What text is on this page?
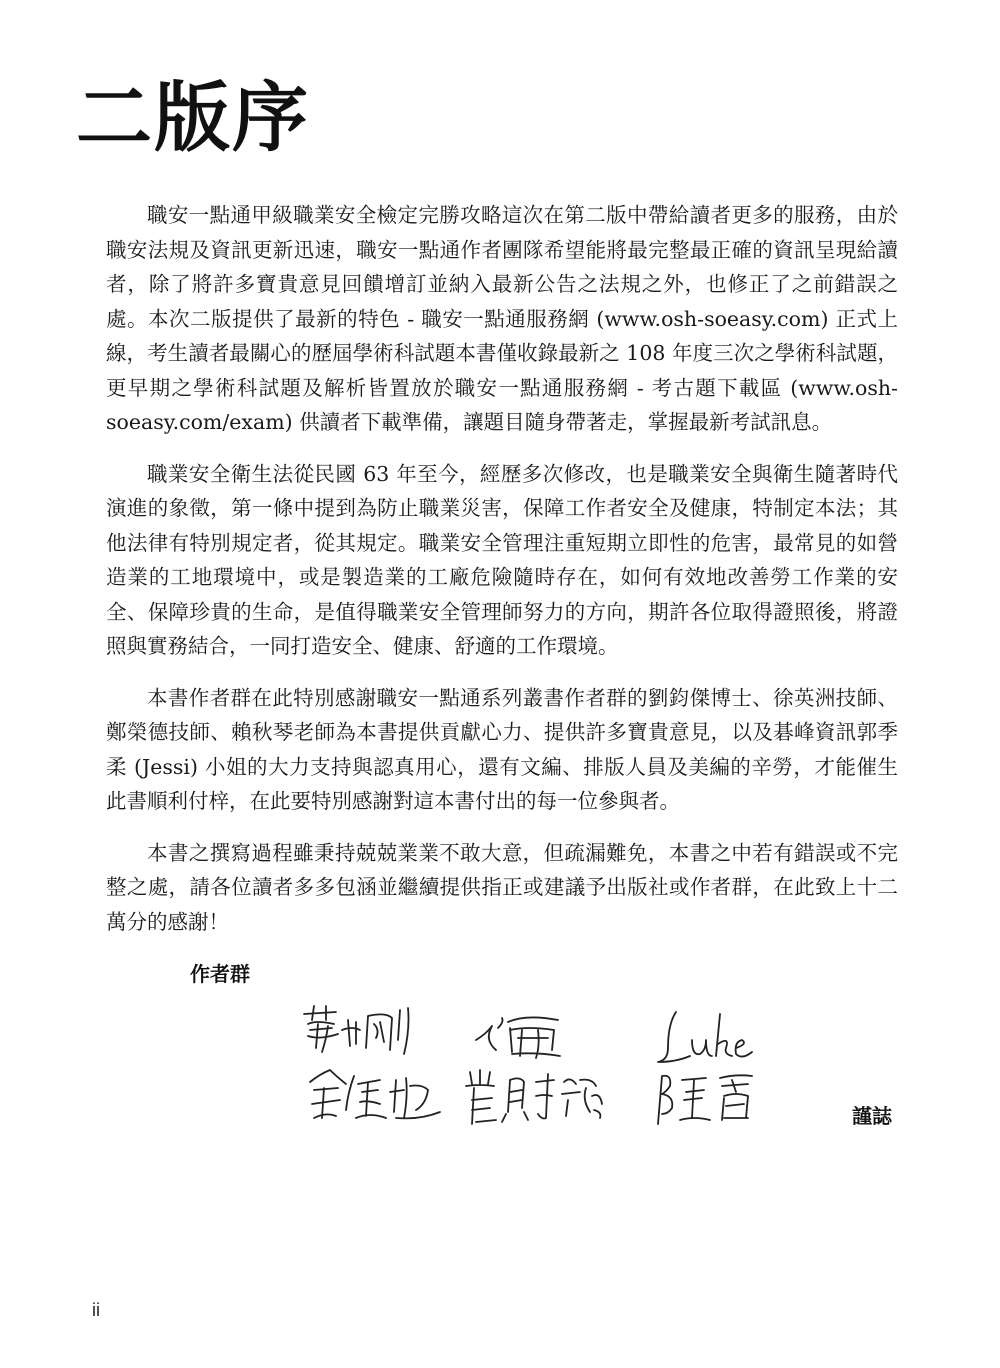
二版序

職安一點通甲級職業安全檢定完勝攻略這次在第二版中帶給讀者更多的服務，由於職安法規及資訊更新迅速，職安一點通作者團隊希望能將最完整最正確的資訊呈現給讀者，除了將許多寶貴意見回饋增訂並納入最新公告之法規之外，也修正了之前錯誤之處。本次二版提供了最新的特色 - 職安一點通服務網 (www.osh-soeasy.com) 正式上線，考生讀者最關心的歷屆學術科試題本書僅收錄最新之 108 年度三次之學術科試題，更早期之學術科試題及解析皆置放於職安一點通服務網 - 考古題下載區 (www.osh-soeasy.com/exam) 供讀者下載準備，讓題目隨身帶著走，掌握最新考試訊息。

職業安全衛生法從民國 63 年至今，經歷多次修改，也是職業安全與衛生隨著時代演進的象徵，第一條中提到為防止職業災害，保障工作者安全及健康，特制定本法；其他法律有特別規定者，從其規定。職業安全管理注重短期立即性的危害，最常見的如營造業的工地環境中，或是製造業的工廠危險隨時存在，如何有效地改善勞工作業的安全、保障珍貴的生命，是值得職業安全管理師努力的方向，期許各位取得證照後，將證照與實務結合，一同打造安全、健康、舒適的工作環境。

本書作者群在此特別感謝職安一點通系列叢書作者群的劉鈞傑博士、徐英洲技師、鄭榮德技師、賴秋琴老師為本書提供貢獻心力、提供許多寶貴意見，以及碁峰資訊郭季柔 (Jessi) 小姐的大力支持與認真用心，還有文編、排版人員及美編的辛勞，才能催生此書順利付梓，在此要特別感謝對這本書付出的每一位參與者。

本書之撰寫過程雖秉持兢兢業業不敢大意，但疏漏難免，本書之中若有錯誤或不完整之處，請各位讀者多多包涵並繼續提供指正或建議予出版社或作者群，在此致上十二萬分的感謝！

作者群
謹誌
ii
